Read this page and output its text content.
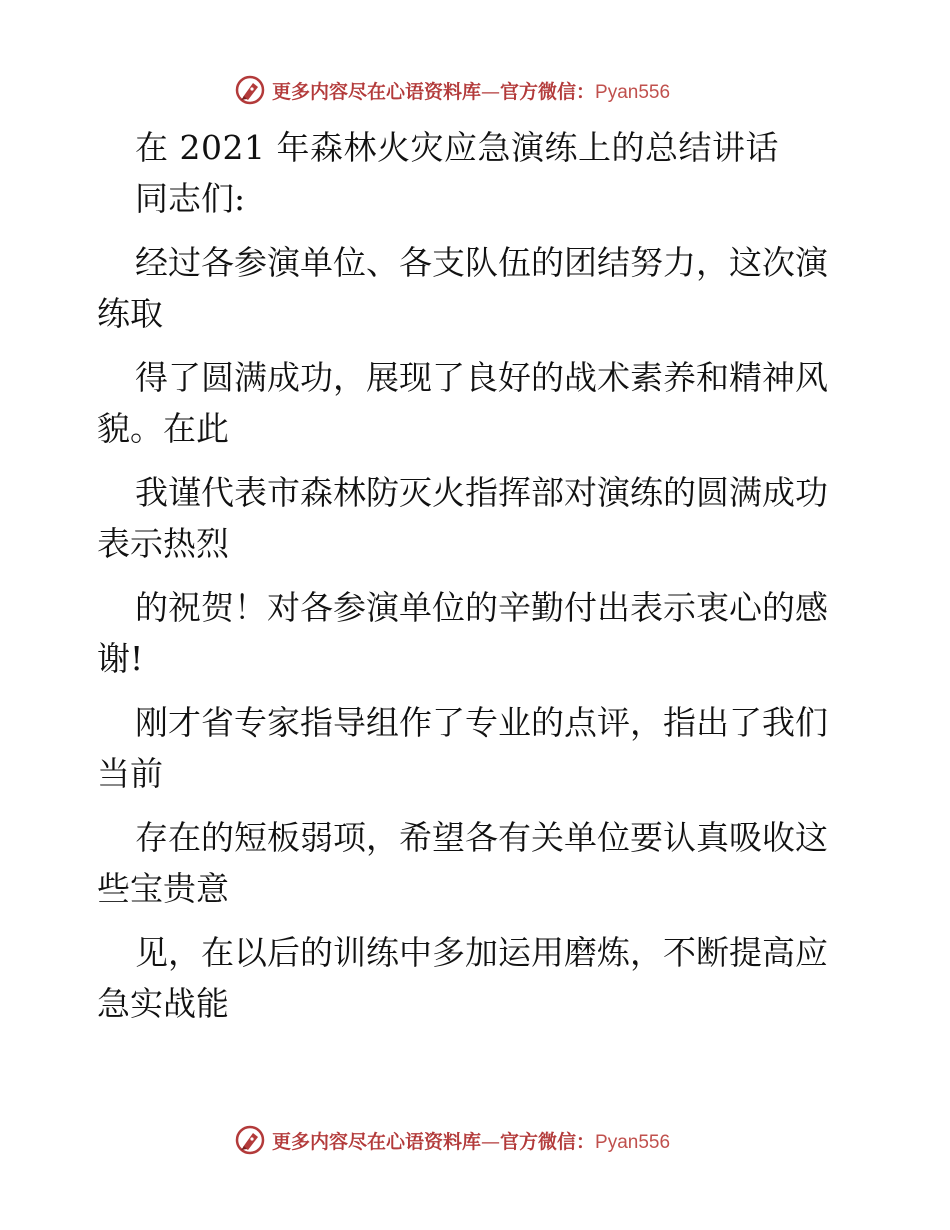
更多内容尽在心语资料库—官方微信：Pyan556
在 2021 年森林火灾应急演练上的总结讲话
同志们:
经过各参演单位、各支队伍的团结努力，这次演
练取
得了圆满成功，展现了良好的战术素养和精神风
貌。在此
我谨代表市森林防灭火指挥部对演练的圆满成功
表示热烈
的祝贺！对各参演单位的辛勤付出表示衷心的感
谢!
刚才省专家指导组作了专业的点评，指出了我们
当前
存在的短板弱项，希望各有关单位要认真吸收这
些宝贵意
见，在以后的训练中多加运用磨炼，不断提高应
急实战能
更多内容尽在心语资料库—官方微信：Pyan556
